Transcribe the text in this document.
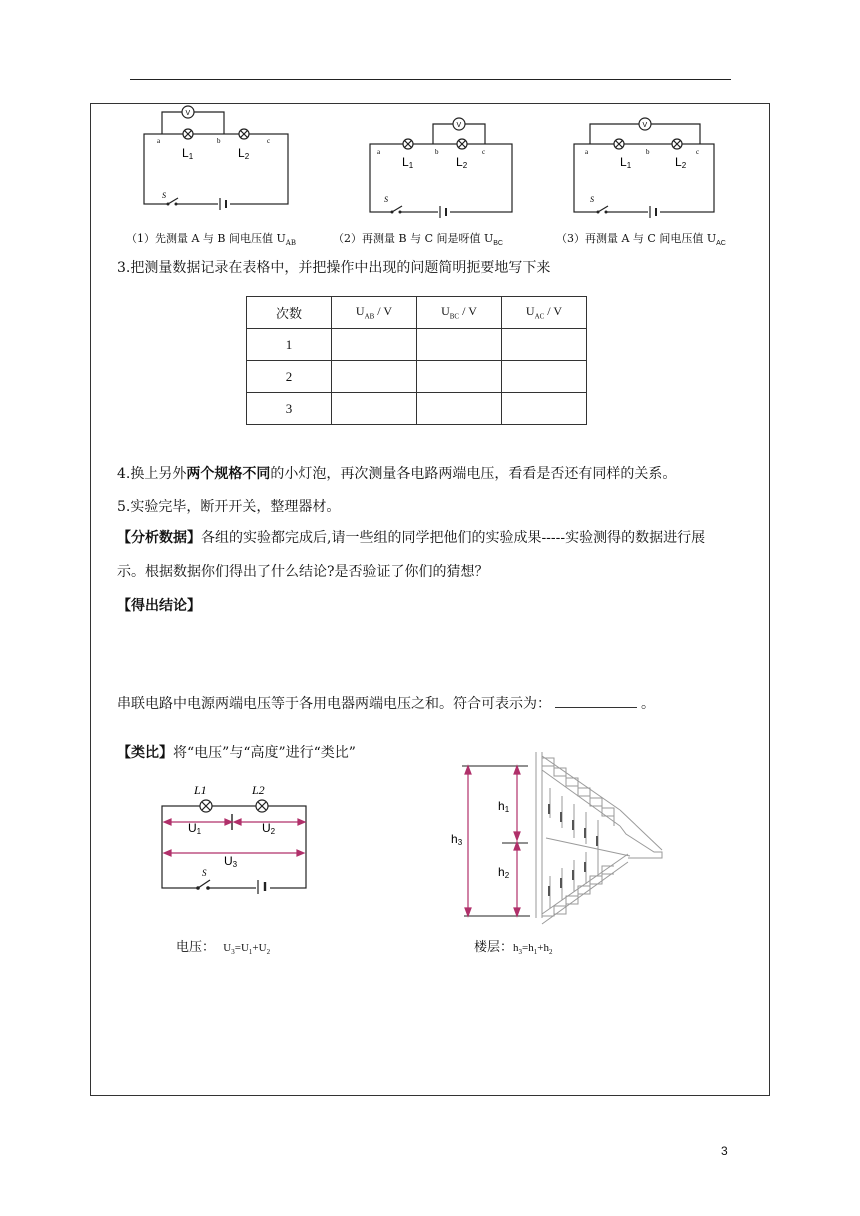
V
a	b	c
L1	L2
S
V
a	b	c
L1	L2
S
V
a	b	c
L1	L2
S
（1）先测量 A 与 B 间电压值 $U_{AB}$	（2）再测量 B 与 C 间是呀值 $U_{BC}$	（3）再测量 A 与 C 间电压值 $U_{AC}$
3.把测量数据记录在表格中，并把操作中出现的问题简明扼要地写下来
次数	$U_{AB}$ / V	$U_{BC}$ / V	$U_{AC}$ / V
1			
2			
3			
4.换上另外两个规格不同的小灯泡，再次测量各电路两端电压，看看是否还有同样的关系。
5.实验完毕，断开开关，整理器材。
【分析数据】各组的实验都完成后,请一些组的同学把他们的实验成果-----实验测得的数据进行展
示。根据数据你们得出了什么结论?是否验证了你们的猜想？
【得出结论】
串联电路中电源两端电压等于各用电器两端电压之和。符合可表示为：	。
【类比】将“电压”与“高度”进行“类比”
L1	L2
U1	U2
U3
S
h1
h2
h3
电压： $U_3=U_1+U_2$	楼层：$h_3=h_1+h_2$
3
